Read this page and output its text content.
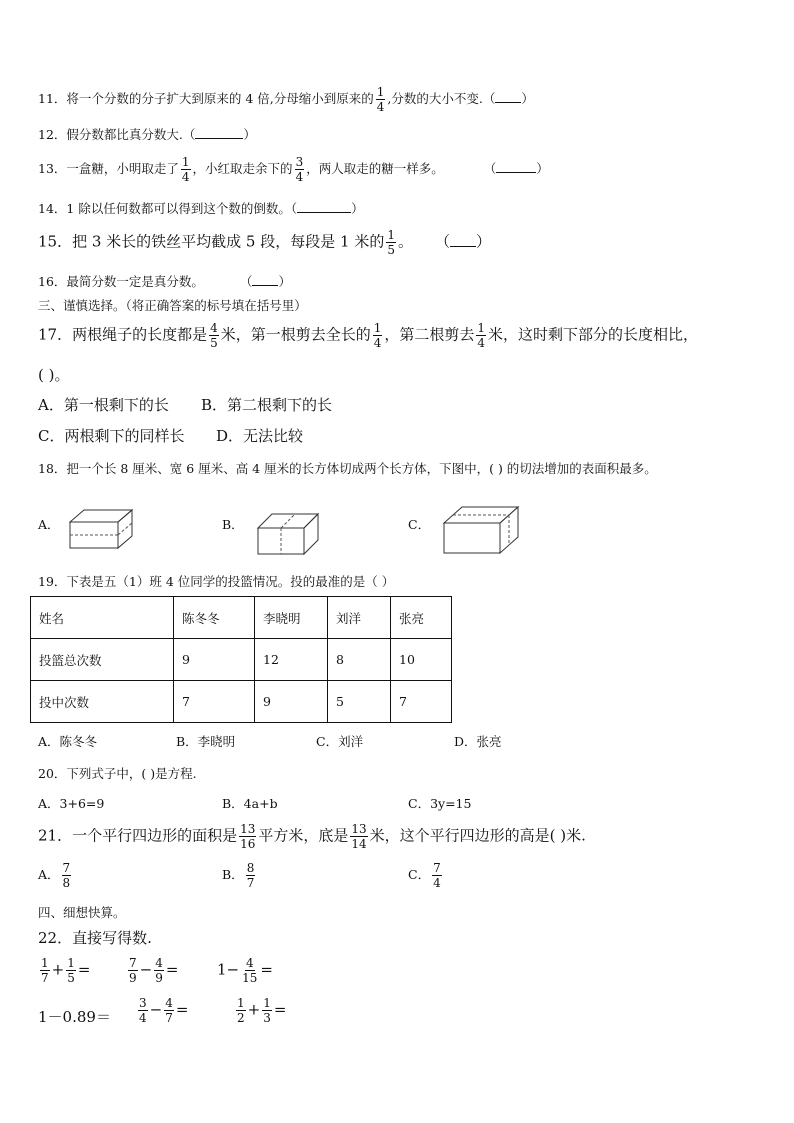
11．将一个分数的分子扩大到原来的 4 倍,分母缩小到原来的 $\frac{1}{4}$ ,分数的大小不变.（ ）
12．假分数都比真分数大.（	）
13．一盒糖，小明取走了 $\frac{1}{4}$ ，小红取走余下的 $\frac{3}{4}$ ，两人取走的糖一样多。	（	）
14．1 除以任何数都可以得到这个数的倒数。（	）
15．把 3 米长的铁丝平均截成 5 段，每段是 1 米的 $\frac{1}{5}$ 。 （ ）
16．最简分数一定是真分数。	（ ）
三、谨慎选择。（将正确答案的标号填在括号里）
17．两根绳子的长度都是 $\frac{4}{5}$ 米，第一根剪去全长的 $\frac{1}{4}$ ，第二根剪去 $\frac{1}{4}$ 米，这时剩下部分的长度相比，
( )。
A．第一根剩下的长 B．第二根剩下的长
C．两根剩下的同样长 D．无法比较
18．把一个长 8 厘米、宽 6 厘米、高 4 厘米的长方体切成两个长方体，下图中，( ) 的切法增加的表面积最多。
A．	B．	C．
19．下表是五（1）班 4 位同学的投篮情况。投的最准的是（ ）
姓名	陈冬冬	李晓明	刘洋	张亮
投篮总次数	9	12	8	10
投中次数	7	9	5	7
A．陈冬冬	B．李晓明	C．刘洋	D．张亮
20．下列式子中，( )是方程.
A．3+6=9	B．4a+b	C．3y=15
21．一个平行四边形的面积是 $\frac{13}{16}$ 平方米，底是 $\frac{13}{14}$ 米，这个平行四边形的高是( )米.
A． $\frac{7}{8}$	B． $\frac{8}{7}$	C． $\frac{7}{4}$
四、细想快算。
22．直接写得数.
$\frac{1}{7} + \frac{1}{5}$ =	$\frac{7}{9} - \frac{4}{9}$ =	$1- \frac{4}{15}$ =
$1-0.89= \frac{3}{4} - \frac{4}{7}$ =	$\frac{1}{2} + \frac{1}{3}$ =
